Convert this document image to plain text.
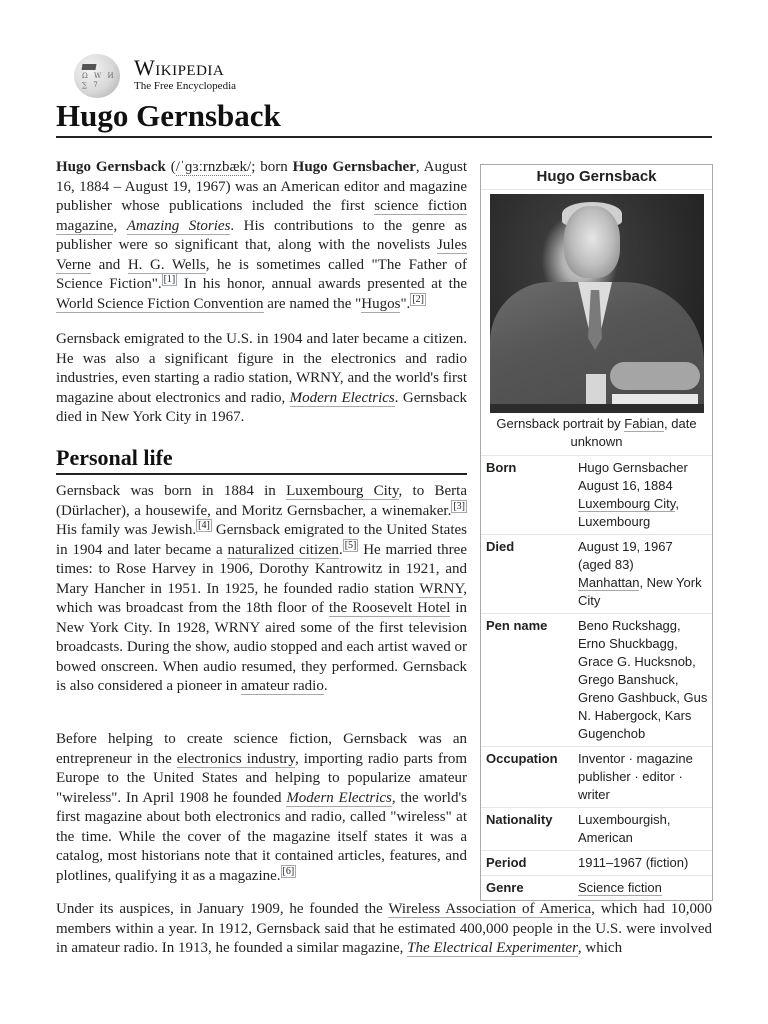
Ω W И ∑ 7
Wikipedia
The Free Encyclopedia
Hugo Gernsback

Hugo Gernsback (/ˈɡɜːrnzbæk/; born Hugo Gernsbacher, August 16, 1884 – August 19, 1967) was an American editor and magazine publisher whose publications included the first science fiction magazine, Amazing Stories. His contributions to the genre as publisher were so significant that, along with the novelists Jules Verne and H. G. Wells, he is sometimes called "The Father of Science Fiction". [1] In his honor, annual awards presented at the World Science Fiction Convention are named the "Hugos". [2]

Gernsback emigrated to the U.S. in 1904 and later became a citizen. He was also a significant figure in the electronics and radio industries, even starting a radio station, WRNY, and the world's first magazine about electronics and radio, Modern Electrics. Gernsback died in New York City in 1967.

Personal life

Gernsback was born in 1884 in Luxembourg City, to Berta (Dürlacher), a housewife, and Moritz Gernsbacher, a winemaker. [3] His family was Jewish. [4] Gernsback emigrated to the United States in 1904 and later became a naturalized citizen. [5] He married three times: to Rose Harvey in 1906, Dorothy Kantrowitz in 1921, and Mary Hancher in 1951. In 1925, he founded radio station WRNY, which was broadcast from the 18th floor of the Roosevelt Hotel in New York City. In 1928, WRNY aired some of the first television broadcasts. During the show, audio stopped and each artist waved or bowed onscreen. When audio resumed, they performed. Gernsback is also considered a pioneer in amateur radio.

Before helping to create science fiction, Gernsback was an entrepreneur in the electronics industry, importing radio parts from Europe to the United States and helping to popularize amateur "wireless". In April 1908 he founded Modern Electrics, the world's first magazine about both electronics and radio, called "wireless" at the time. While the cover of the magazine itself states it was a catalog, most historians note that it contained articles, features, and plotlines, qualifying it as a magazine. [6]

Under its auspices, in January 1909, he founded the Wireless Association of America, which had 10,000 members within a year. In 1912, Gernsback said that he estimated 400,000 people in the U.S. were involved in amateur radio. In 1913, he founded a similar magazine, The Electrical Experimenter, which

Hugo Gernsback
Gernsback portrait by Fabian, date unknown
Born	Hugo Gernsbacher
August 16, 1884
Luxembourg City, Luxembourg
Died	August 19, 1967
(aged 83)
Manhattan, New York City
Pen name	Beno Ruckshagg, Erno Shuckbagg, Grace G. Hucksnob, Grego Banshuck, Greno Gashbuck, Gus N. Habergock, Kars Gugenchob
Occupation	Inventor · magazine publisher · editor · writer
Nationality	Luxembourgish, American
Period	1911–1967 (fiction)
Genre	Science fiction
